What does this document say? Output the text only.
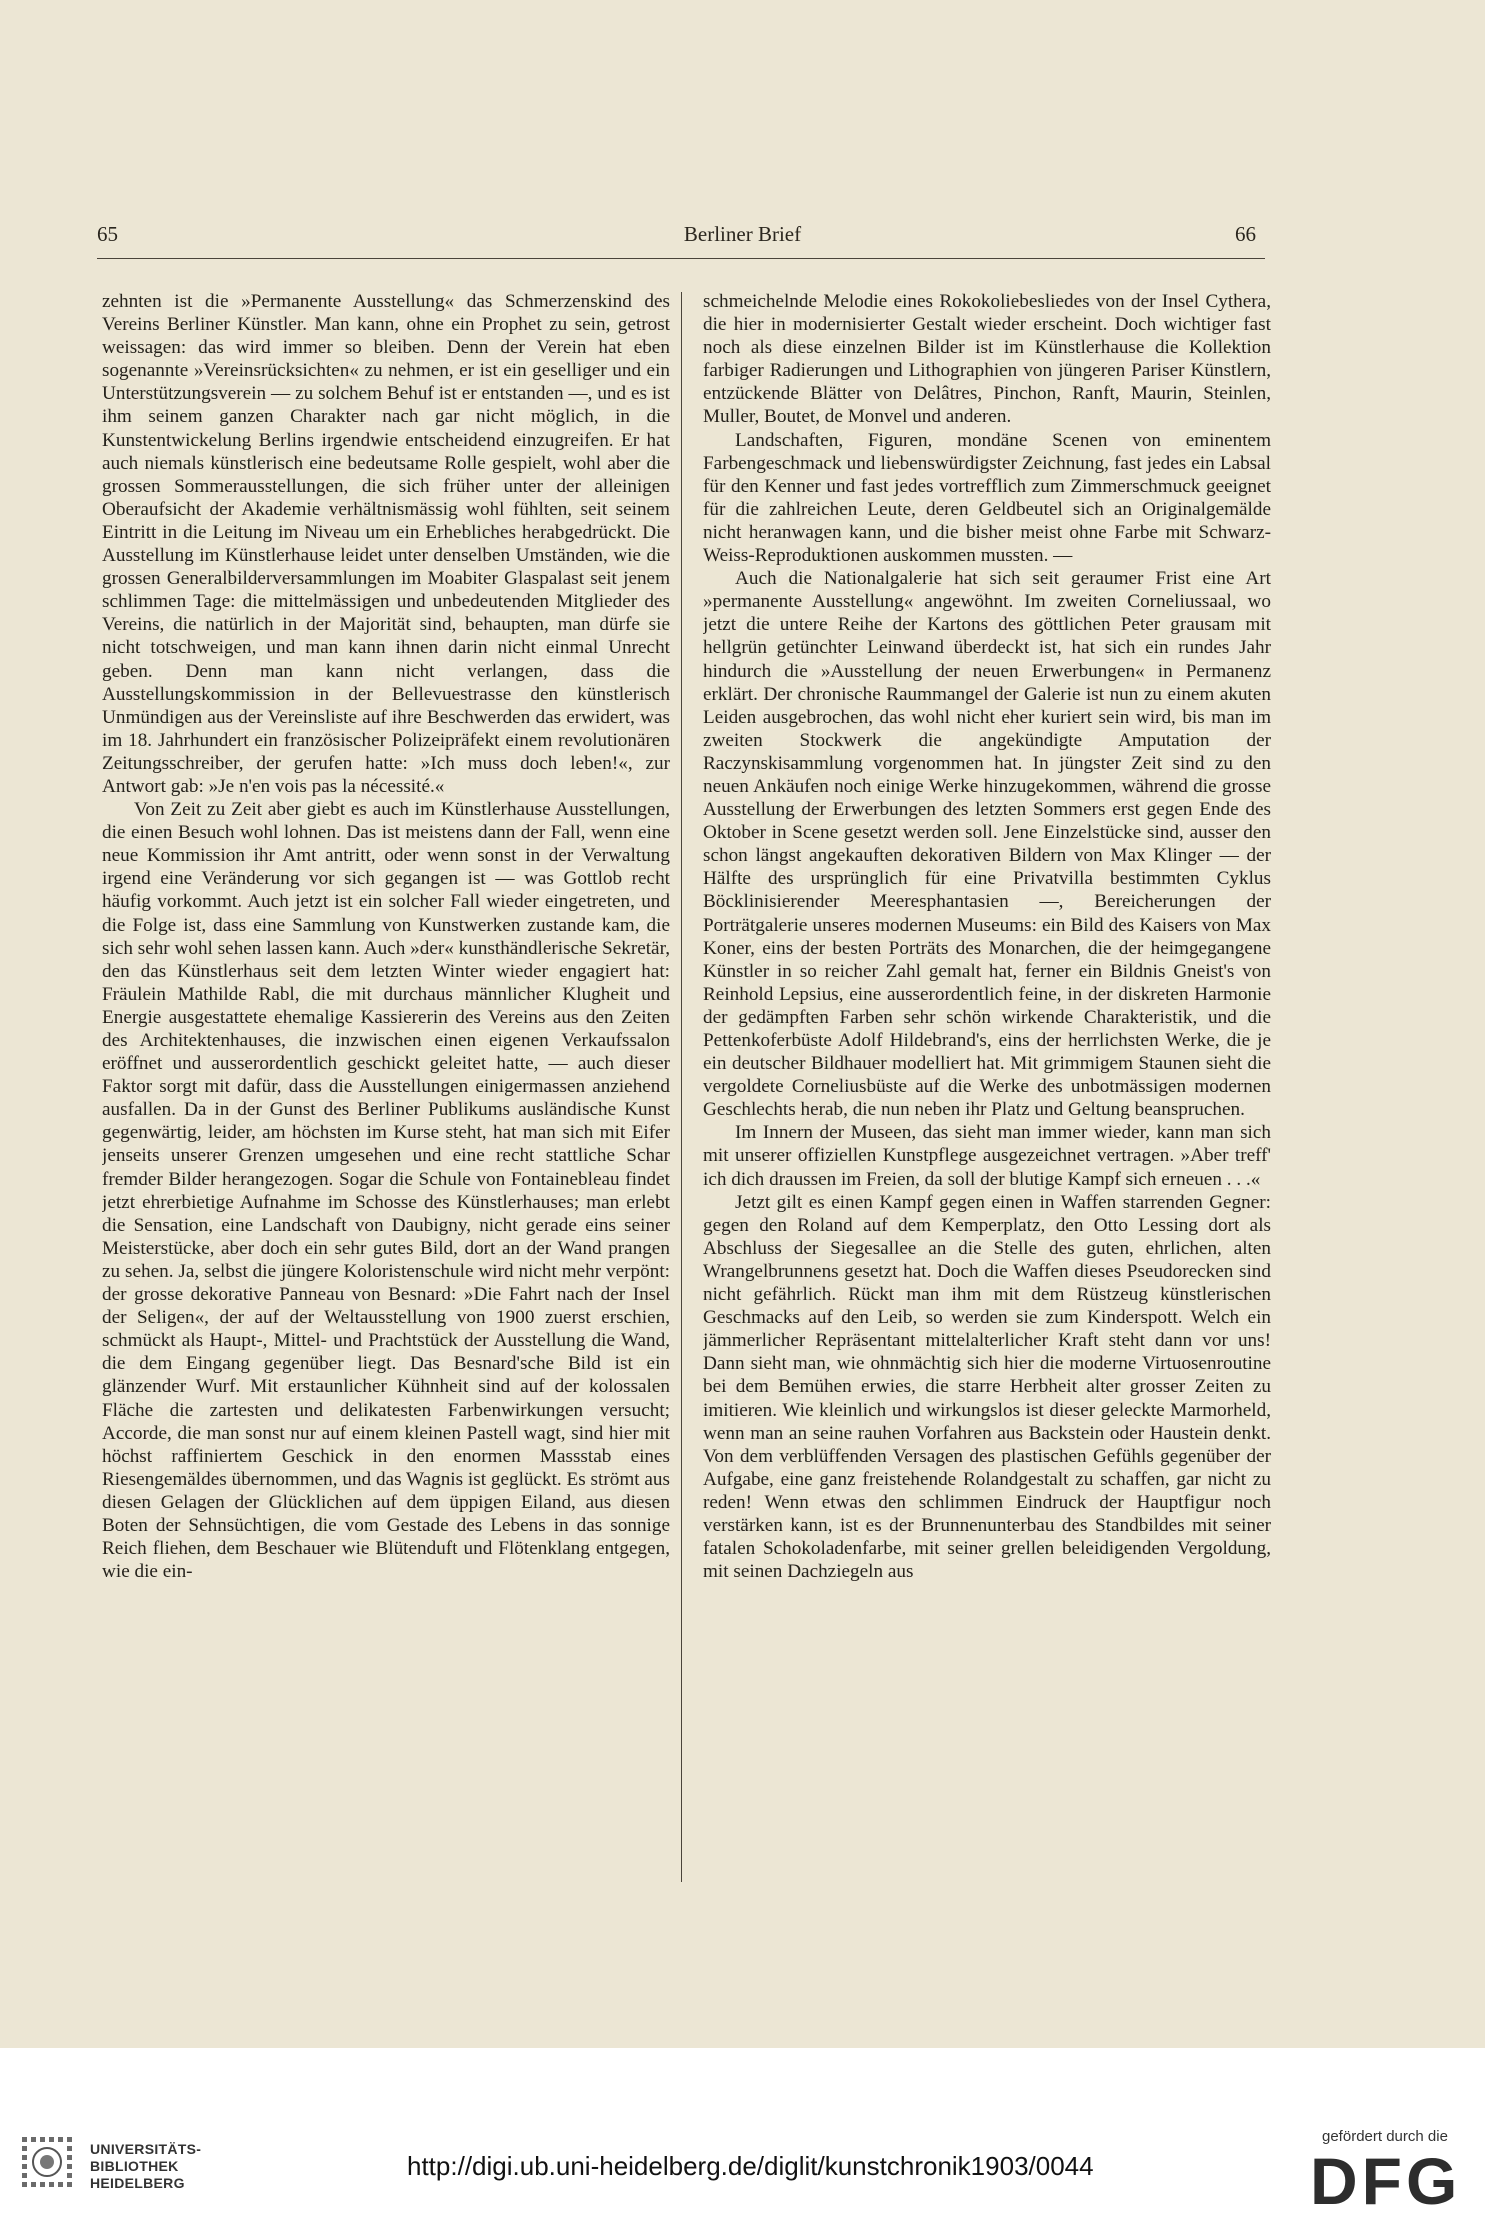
65	Berliner Brief	66

zehnten ist die »Permanente Ausstellung« das Schmerzenskind des Vereins Berliner Künstler. Man kann, ohne ein Prophet zu sein, getrost weissagen: das wird immer so bleiben. Denn der Verein hat eben sogenannte »Vereinsrücksichten« zu nehmen, er ist ein geselliger und ein Unterstützungsverein — zu solchem Behuf ist er entstanden —, und es ist ihm seinem ganzen Charakter nach gar nicht möglich, in die Kunstentwickelung Berlins irgendwie entscheidend einzugreifen. Er hat auch niemals künstlerisch eine bedeutsame Rolle gespielt, wohl aber die grossen Sommerausstellungen, die sich früher unter der alleinigen Oberaufsicht der Akademie verhältnismässig wohl fühlten, seit seinem Eintritt in die Leitung im Niveau um ein Erhebliches herabgedrückt. Die Ausstellung im Künstlerhause leidet unter denselben Umständen, wie die grossen Generalbilderversammlungen im Moabiter Glaspalast seit jenem schlimmen Tage: die mittelmässigen und unbedeutenden Mitglieder des Vereins, die natürlich in der Majorität sind, behaupten, man dürfe sie nicht totschweigen, und man kann ihnen darin nicht einmal Unrecht geben. Denn man kann nicht verlangen, dass die Ausstellungskommission in der Bellevuestrasse den künstlerisch Unmündigen aus der Vereinsliste auf ihre Beschwerden das erwidert, was im 18. Jahrhundert ein französischer Polizeipräfekt einem revolutionären Zeitungsschreiber, der gerufen hatte: »Ich muss doch leben!«, zur Antwort gab: »Je n'en vois pas la nécessité.«

Von Zeit zu Zeit aber giebt es auch im Künstlerhause Ausstellungen, die einen Besuch wohl lohnen. Das ist meistens dann der Fall, wenn eine neue Kommission ihr Amt antritt, oder wenn sonst in der Verwaltung irgend eine Veränderung vor sich gegangen ist — was Gottlob recht häufig vorkommt. Auch jetzt ist ein solcher Fall wieder eingetreten, und die Folge ist, dass eine Sammlung von Kunstwerken zustande kam, die sich sehr wohl sehen lassen kann. Auch »der« kunsthändlerische Sekretär, den das Künstlerhaus seit dem letzten Winter wieder engagiert hat: Fräulein Mathilde Rabl, die mit durchaus männlicher Klugheit und Energie ausgestattete ehemalige Kassiererin des Vereins aus den Zeiten des Architektenhauses, die inzwischen einen eigenen Verkaufssalon eröffnet und ausserordentlich geschickt geleitet hatte, — auch dieser Faktor sorgt mit dafür, dass die Ausstellungen einigermassen anziehend ausfallen. Da in der Gunst des Berliner Publikums ausländische Kunst gegenwärtig, leider, am höchsten im Kurse steht, hat man sich mit Eifer jenseits unserer Grenzen umgesehen und eine recht stattliche Schar fremder Bilder herangezogen. Sogar die Schule von Fontainebleau findet jetzt ehrerbietige Aufnahme im Schosse des Künstlerhauses; man erlebt die Sensation, eine Landschaft von Daubigny, nicht gerade eins seiner Meisterstücke, aber doch ein sehr gutes Bild, dort an der Wand prangen zu sehen. Ja, selbst die jüngere Koloristenschule wird nicht mehr verpönt: der grosse dekorative Panneau von Besnard: »Die Fahrt nach der Insel der Seligen«, der auf der Weltausstellung von 1900 zuerst erschien, schmückt als Haupt-, Mittel- und Prachtstück der Ausstellung die Wand, die dem Eingang gegenüber liegt. Das Besnard'sche Bild ist ein glänzender Wurf. Mit erstaunlicher Kühnheit sind auf der kolossalen Fläche die zartesten und delikatesten Farbenwirkungen versucht; Accorde, die man sonst nur auf einem kleinen Pastell wagt, sind hier mit höchst raffiniertem Geschick in den enormen Massstab eines Riesengemäldes übernommen, und das Wagnis ist geglückt. Es strömt aus diesen Gelagen der Glücklichen auf dem üppigen Eiland, aus diesen Boten der Sehnsüchtigen, die vom Gestade des Lebens in das sonnige Reich fliehen, dem Beschauer wie Blütenduft und Flötenklang entgegen, wie die ein-

schmeichelnde Melodie eines Rokokoliebesliedes von der Insel Cythera, die hier in modernisierter Gestalt wieder erscheint. Doch wichtiger fast noch als diese einzelnen Bilder ist im Künstlerhause die Kollektion farbiger Radierungen und Lithographien von jüngeren Pariser Künstlern, entzückende Blätter von Delâtres, Pinchon, Ranft, Maurin, Steinlen, Muller, Boutet, de Monvel und anderen.

Landschaften, Figuren, mondäne Scenen von eminentem Farbengeschmack und liebenswürdigster Zeichnung, fast jedes ein Labsal für den Kenner und fast jedes vortrefflich zum Zimmerschmuck geeignet für die zahlreichen Leute, deren Geldbeutel sich an Originalgemälde nicht heranwagen kann, und die bisher meist ohne Farbe mit Schwarz-Weiss-Reproduktionen auskommen mussten. —

Auch die Nationalgalerie hat sich seit geraumer Frist eine Art »permanente Ausstellung« angewöhnt. Im zweiten Corneliussaal, wo jetzt die untere Reihe der Kartons des göttlichen Peter grausam mit hellgrün getünchter Leinwand überdeckt ist, hat sich ein rundes Jahr hindurch die »Ausstellung der neuen Erwerbungen« in Permanenz erklärt. Der chronische Raummangel der Galerie ist nun zu einem akuten Leiden ausgebrochen, das wohl nicht eher kuriert sein wird, bis man im zweiten Stockwerk die angekündigte Amputation der Raczynskisammlung vorgenommen hat. In jüngster Zeit sind zu den neuen Ankäufen noch einige Werke hinzugekommen, während die grosse Ausstellung der Erwerbungen des letzten Sommers erst gegen Ende des Oktober in Scene gesetzt werden soll. Jene Einzelstücke sind, ausser den schon längst angekauften dekorativen Bildern von Max Klinger — der Hälfte des ursprünglich für eine Privatvilla bestimmten Cyklus Böcklinisierender Meeresphantasien —, Bereicherungen der Porträtgalerie unseres modernen Museums: ein Bild des Kaisers von Max Koner, eins der besten Porträts des Monarchen, die der heimgegangene Künstler in so reicher Zahl gemalt hat, ferner ein Bildnis Gneist's von Reinhold Lepsius, eine ausserordentlich feine, in der diskreten Harmonie der gedämpften Farben sehr schön wirkende Charakteristik, und die Pettenkoferbüste Adolf Hildebrand's, eins der herrlichsten Werke, die je ein deutscher Bildhauer modelliert hat. Mit grimmigem Staunen sieht die vergoldete Corneliusbüste auf die Werke des unbotmässigen modernen Geschlechts herab, die nun neben ihr Platz und Geltung beanspruchen.

Im Innern der Museen, das sieht man immer wieder, kann man sich mit unserer offiziellen Kunstpflege ausgezeichnet vertragen. »Aber treff' ich dich draussen im Freien, da soll der blutige Kampf sich erneuen . . .«

Jetzt gilt es einen Kampf gegen einen in Waffen starrenden Gegner: gegen den Roland auf dem Kemperplatz, den Otto Lessing dort als Abschluss der Siegesallee an die Stelle des guten, ehrlichen, alten Wrangelbrunnens gesetzt hat. Doch die Waffen dieses Pseudorecken sind nicht gefährlich. Rückt man ihm mit dem Rüstzeug künstlerischen Geschmacks auf den Leib, so werden sie zum Kinderspott. Welch ein jämmerlicher Repräsentant mittelalterlicher Kraft steht dann vor uns! Dann sieht man, wie ohnmächtig sich hier die moderne Virtuosenroutine bei dem Bemühen erwies, die starre Herbheit alter grosser Zeiten zu imitieren. Wie kleinlich und wirkungslos ist dieser geleckte Marmorheld, wenn man an seine rauhen Vorfahren aus Backstein oder Haustein denkt. Von dem verblüffenden Versagen des plastischen Gefühls gegenüber der Aufgabe, eine ganz freistehende Rolandgestalt zu schaffen, gar nicht zu reden! Wenn etwas den schlimmen Eindruck der Hauptfigur noch verstärken kann, ist es der Brunnenunterbau des Standbildes mit seiner fatalen Schokoladenfarbe, mit seiner grellen beleidigenden Vergoldung, mit seinen Dachziegeln aus

UNIVERSITÄTS-
BIBLIOTHEK
HEIDELBERG
http://digi.ub.uni-heidelberg.de/diglit/kunstchronik1903/0044
gefördert durch die
DFG
